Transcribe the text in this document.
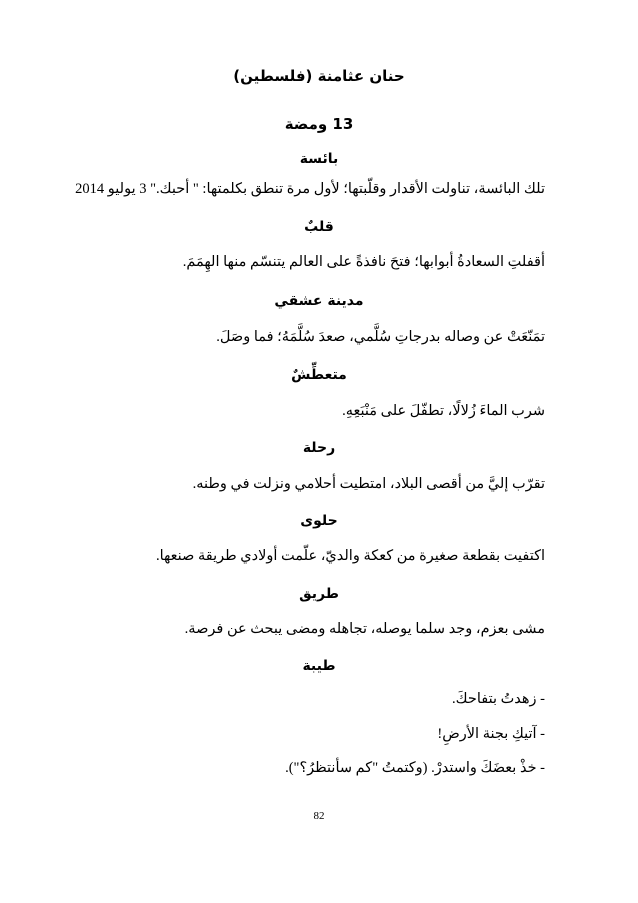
حنان عثامنة (فلسطين)
13 ومضة
بائسة
تلك البائسة، تناولت الأقدار وقلّبتها؛ لأول مرة تنطق بكلمتها: " أحبك." 3 يوليو 2014
قلبٌ
أقفلتِ السعادةُ أبوابها؛ فتحَ نافذةً على العالم يتنسّم منها الهِمَمَ.
مدينة عشقي
تمَنّعَتْ عن وصاله بدرجاتِ سُلَّمي، صعدَ سُلَّمَهُ؛ فما وصَلَ.
متعطِّشٌ
شرب الماءَ زُلالًا، تطفّلَ على مَنْبَعِهِ.
رحلة
تقرّب إليَّ من أقصى البلاد، امتطيت أحلامي ونزلت في وطنه.
حلوى
اكتفيت بقطعة صغيرة من كعكة والديّ، علّمت أولادي طريقة صنعها.
طريق
مشى بعزم، وجد سلما يوصله، تجاهله ومضى يبحث عن فرصة.
طيبة
- زهدتُ بتفاحكَ.
- آتيكِ بجنة الأرضِ!
- خذْ بعضَكَ واستدرْ. (وكتمتُ "كم سأنتظرُ؟").
82
